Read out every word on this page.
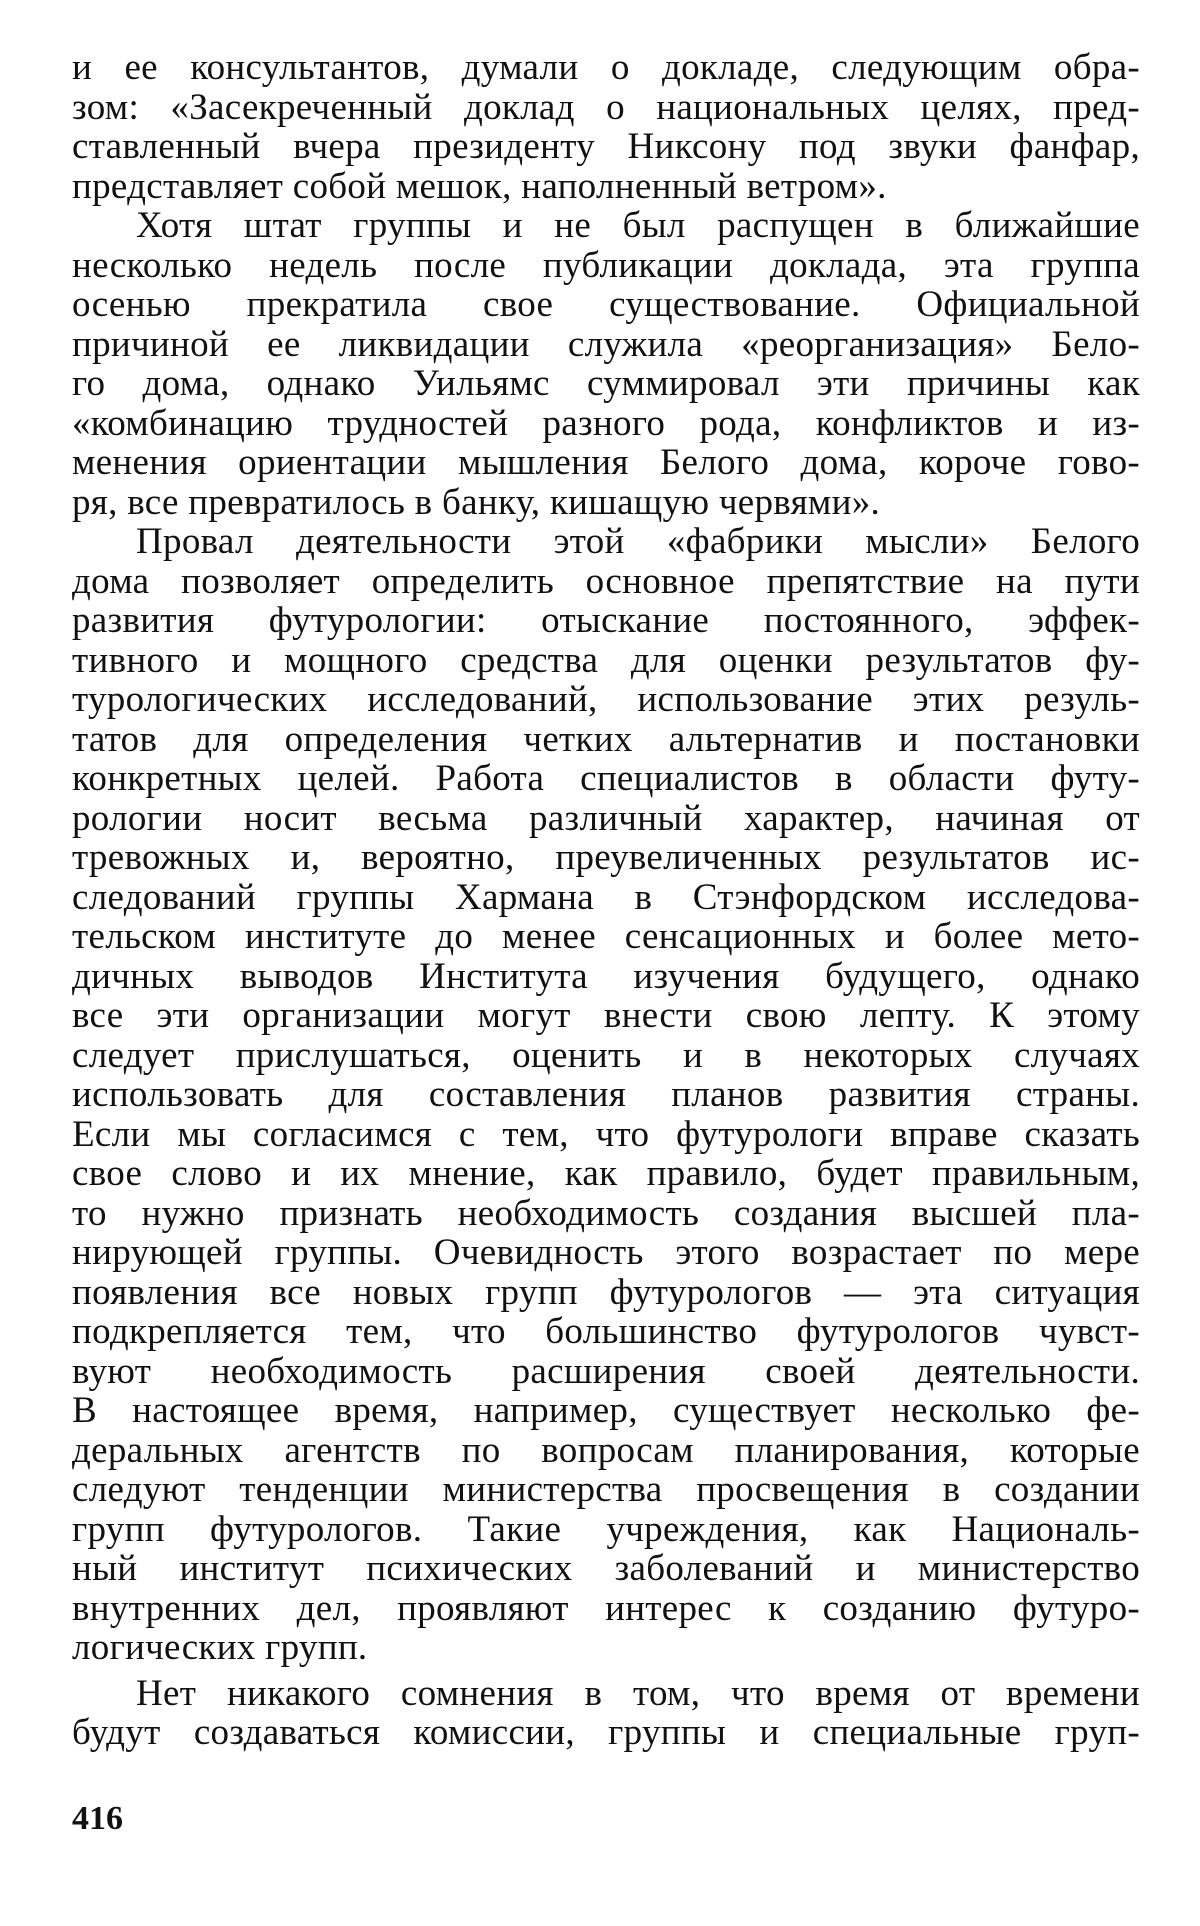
и ее консультантов, думали о докладе, следующим обра-
зом: «Засекреченный доклад о национальных целях, пред-
ставленный вчера президенту Никсону под звуки фанфар,
представляет собой мешок, наполненный ветром».
Хотя штат группы и не был распущен в ближайшие
несколько недель после публикации доклада, эта группа
осенью прекратила свое существование. Официальной
причиной ее ликвидации служила «реорганизация» Бело-
го дома, однако Уильямс суммировал эти причины как
«комбинацию трудностей разного рода, конфликтов и из-
менения ориентации мышления Белого дома, короче гово-
ря, все превратилось в банку, кишащую червями».
Провал деятельности этой «фабрики мысли» Белого
дома позволяет определить основное препятствие на пути
развития футурологии: отыскание постоянного, эффек-
тивного и мощного средства для оценки результатов фу-
турологических исследований, использование этих резуль-
татов для определения четких альтернатив и постановки
конкретных целей. Работа специалистов в области футу-
рологии носит весьма различный характер, начиная от
тревожных и, вероятно, преувеличенных результатов ис-
следований группы Хармана в Стэнфордском исследова-
тельском институте до менее сенсационных и более мето-
дичных выводов Института изучения будущего, однако
все эти организации могут внести свою лепту. К этому
следует прислушаться, оценить и в некоторых случаях
использовать для составления планов развития страны.
Если мы согласимся с тем, что футурологи вправе сказать
свое слово и их мнение, как правило, будет правильным,
то нужно признать необходимость создания высшей пла-
нирующей группы. Очевидность этого возрастает по мере
появления все новых групп футурологов — эта ситуация
подкрепляется тем, что большинство футурологов чувст-
вуют необходимость расширения своей деятельности.
В настоящее время, например, существует несколько фе-
деральных агентств по вопросам планирования, которые
следуют тенденции министерства просвещения в создании
групп футурологов. Такие учреждения, как Националь-
ный институт психических заболеваний и министерство
внутренних дел, проявляют интерес к созданию футуро-
логических групп.
Нет никакого сомнения в том, что время от времени
будут создаваться комиссии, группы и специальные груп-
416
